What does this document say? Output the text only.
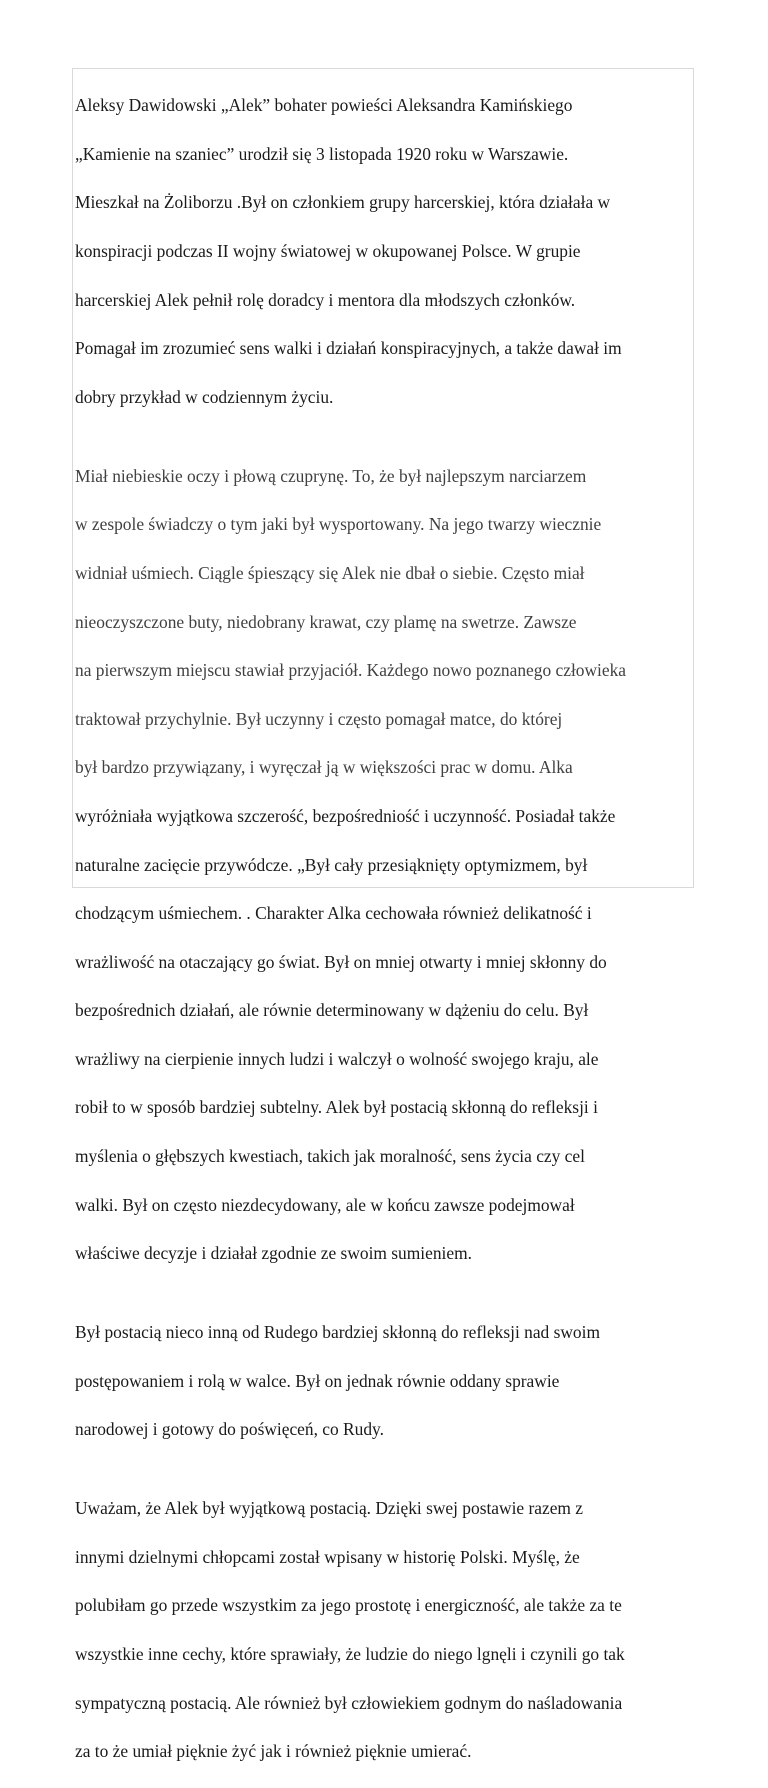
Aleksy Dawidowski „Alek” bohater powieści Aleksandra Kamińskiego

„Kamienie na szaniec” urodził się 3 listopada 1920 roku w Warszawie.

Mieszkał na Żoliborzu .Był on członkiem grupy harcerskiej, która działała w

konspiracji podczas II wojny światowej w okupowanej Polsce. W grupie

harcerskiej Alek pełnił rolę doradcy i mentora dla młodszych członków.

Pomagał im zrozumieć sens walki i działań konspiracyjnych, a także dawał im

dobry przykład w codziennym życiu.

Miał niebieskie oczy i płową czuprynę. To, że był najlepszym narciarzem

w zespole świadczy o tym jaki był wysportowany. Na jego twarzy wiecznie

widniał uśmiech. Ciągle śpieszący się Alek nie dbał o siebie. Często miał

nieoczyszczone buty, niedobrany krawat, czy plamę na swetrze. Zawsze

na pierwszym miejscu stawiał przyjaciół. Każdego nowo poznanego człowieka

traktował przychylnie. Był uczynny i często pomagał matce, do której

był bardzo przywiązany, i wyręczał ją w większości prac w domu. Alka

wyróżniała wyjątkowa szczerość, bezpośredniość i uczynność. Posiadał także

naturalne zacięcie przywódcze. „Był cały przesiąknięty optymizmem, był

chodzącym uśmiechem. . Charakter Alka cechowała również delikatność i

wrażliwość na otaczający go świat. Był on mniej otwarty i mniej skłonny do

bezpośrednich działań, ale równie determinowany w dążeniu do celu. Był

wrażliwy na cierpienie innych ludzi i walczył o wolność swojego kraju, ale

robił to w sposób bardziej subtelny. Alek był postacią skłonną do refleksji i

myślenia o głębszych kwestiach, takich jak moralność, sens życia czy cel

walki. Był on często niezdecydowany, ale w końcu zawsze podejmował

właściwe decyzje i działał zgodnie ze swoim sumieniem.

Był postacią nieco inną od Rudego bardziej skłonną do refleksji nad swoim

postępowaniem i rolą w walce. Był on jednak równie oddany sprawie

narodowej i gotowy do poświęceń, co Rudy.

Uważam, że Alek był wyjątkową postacią. Dzięki swej postawie razem z

innymi dzielnymi chłopcami został wpisany w historię Polski. Myślę, że

polubiłam go przede wszystkim za jego prostotę i energiczność, ale także za te

wszystkie inne cechy, które sprawiały, że ludzie do niego lgnęli i czynili go tak

sympatyczną postacią. Ale również był człowiekiem godnym do naśladowania

za to że umiał pięknie żyć jak i również pięknie umierać.
